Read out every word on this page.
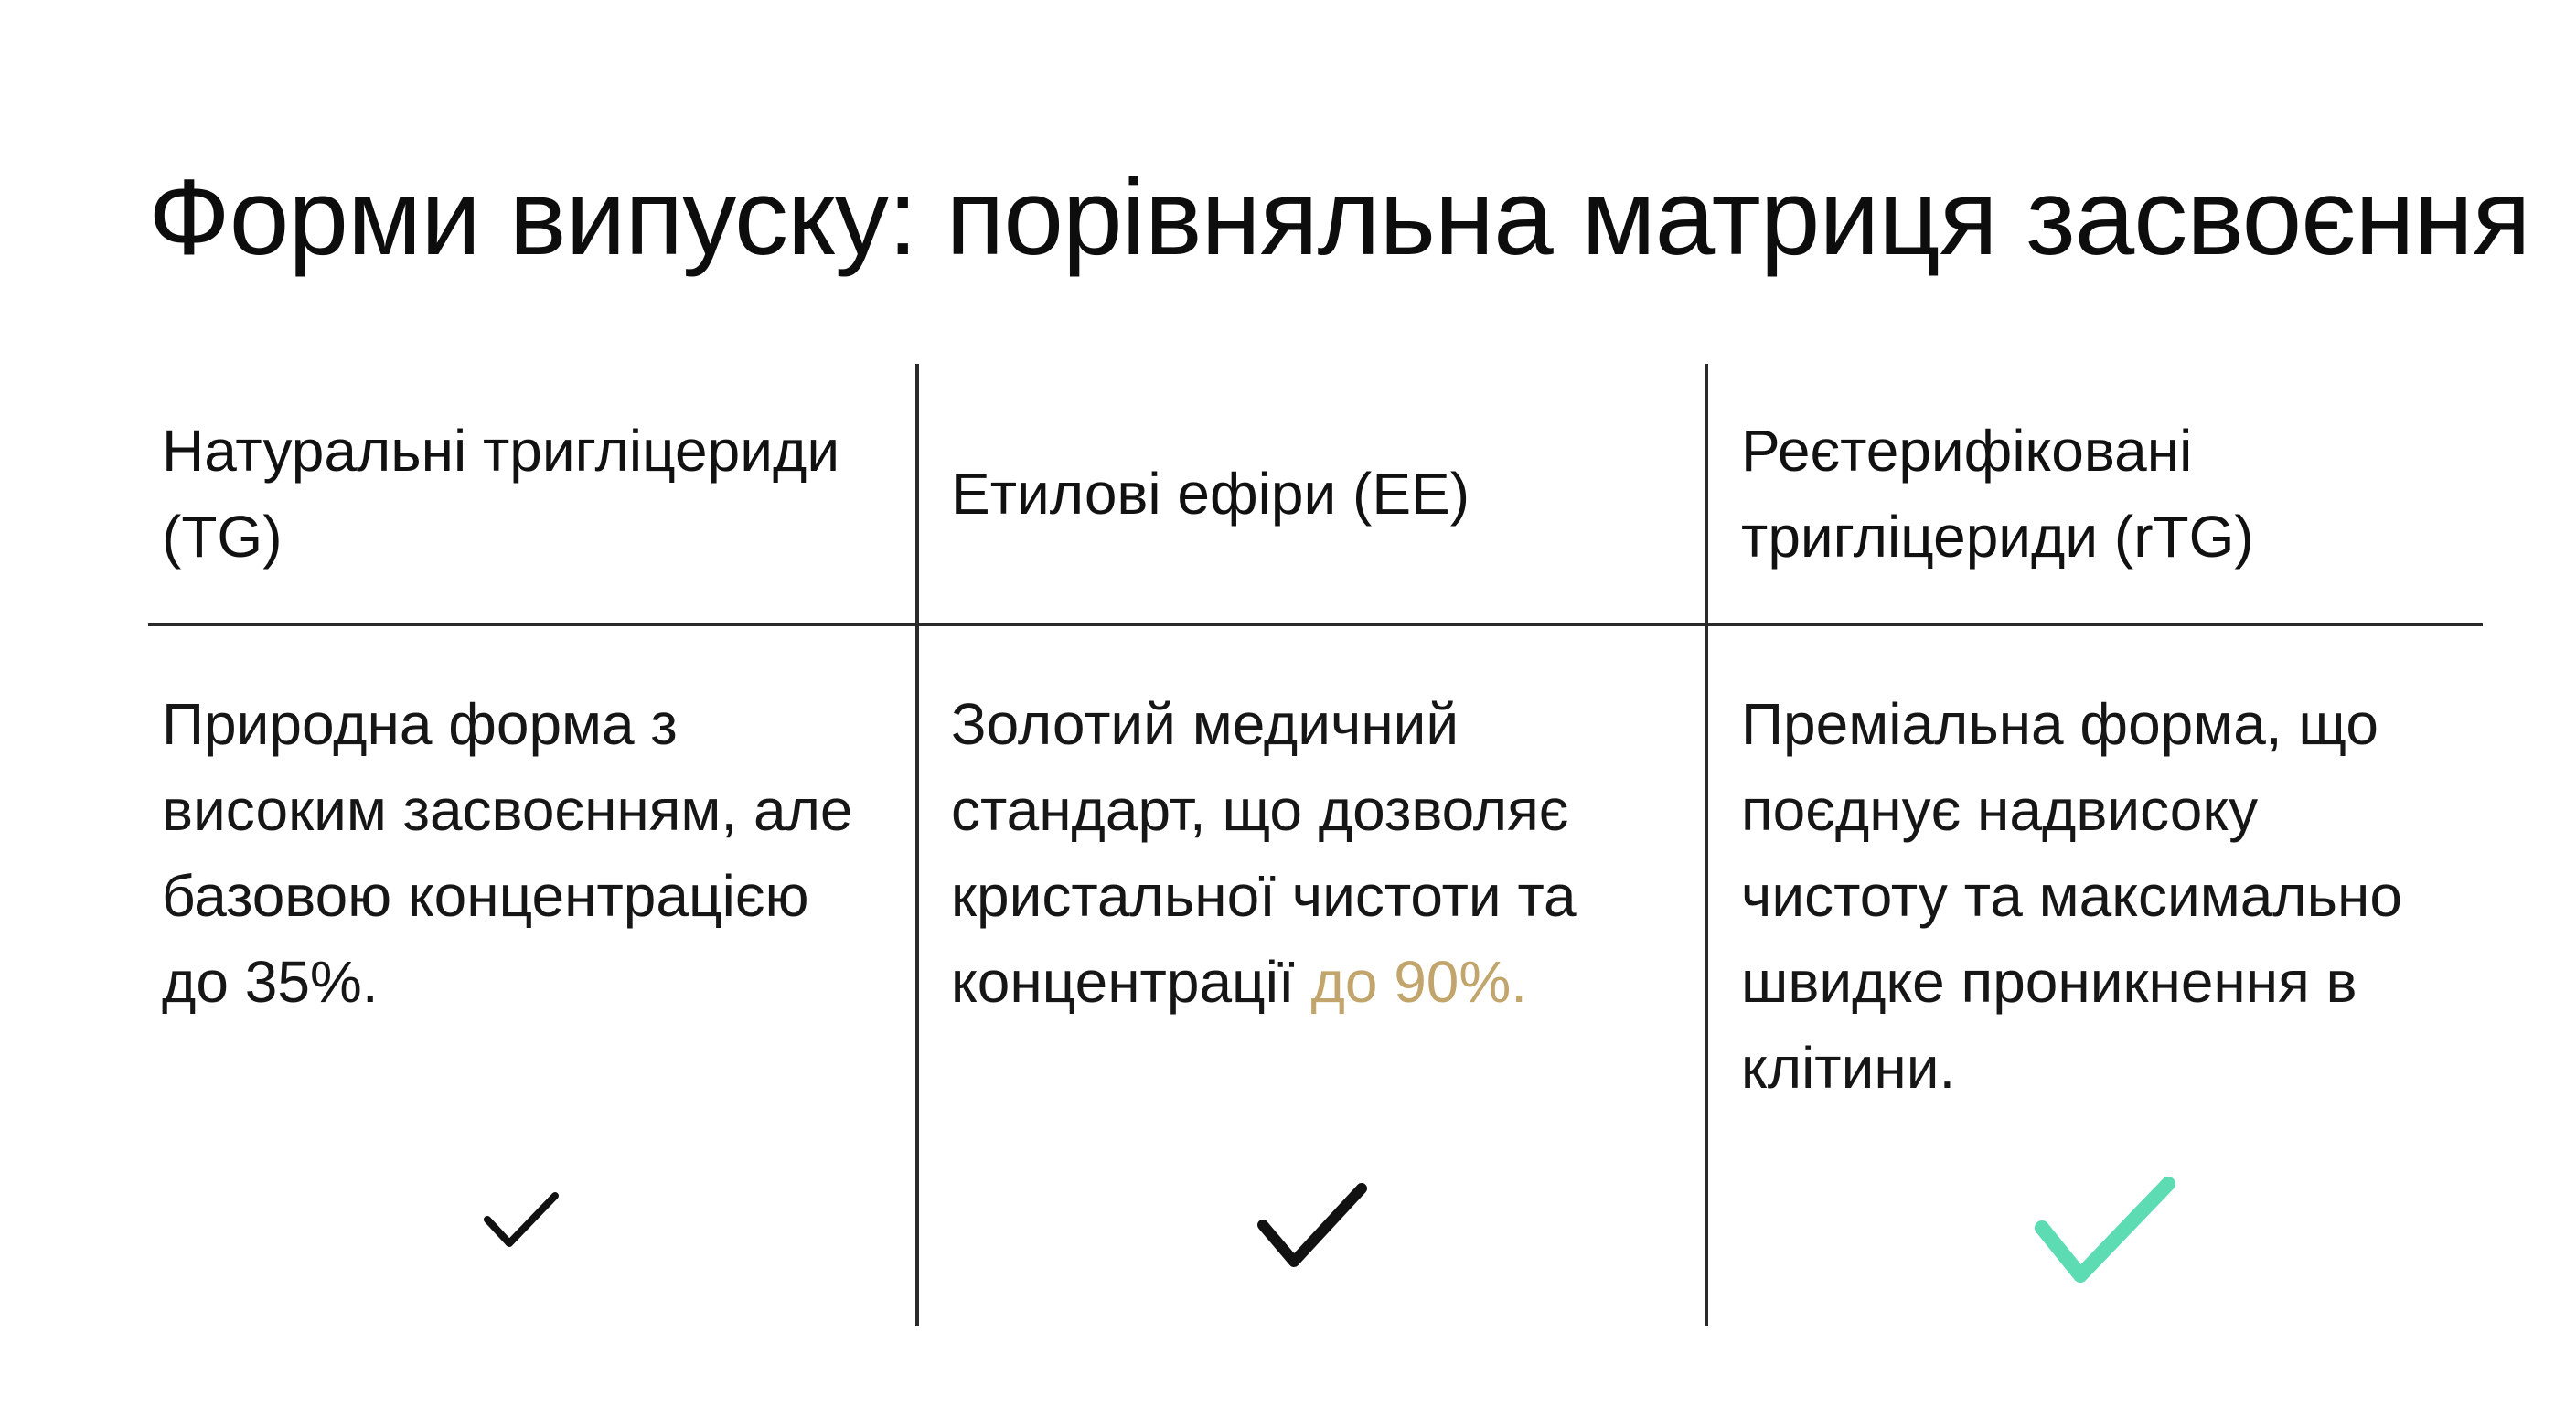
Форми випуску: порівняльна матриця засвоєння
Натуральні тригліцериди (TG)
Природна форма з високим засвоєнням, але базовою концентрацією до 35%.
Етилові ефіри (ЕЕ)
Золотий медичний стандарт, що дозволяє кристальної чистоти та концентрації до 90%.
Реєтерифіковані тригліцериди (rTG)
Преміальна форма, що поєднує надвисоку чистоту та максимально швидке проникнення в клітини.
